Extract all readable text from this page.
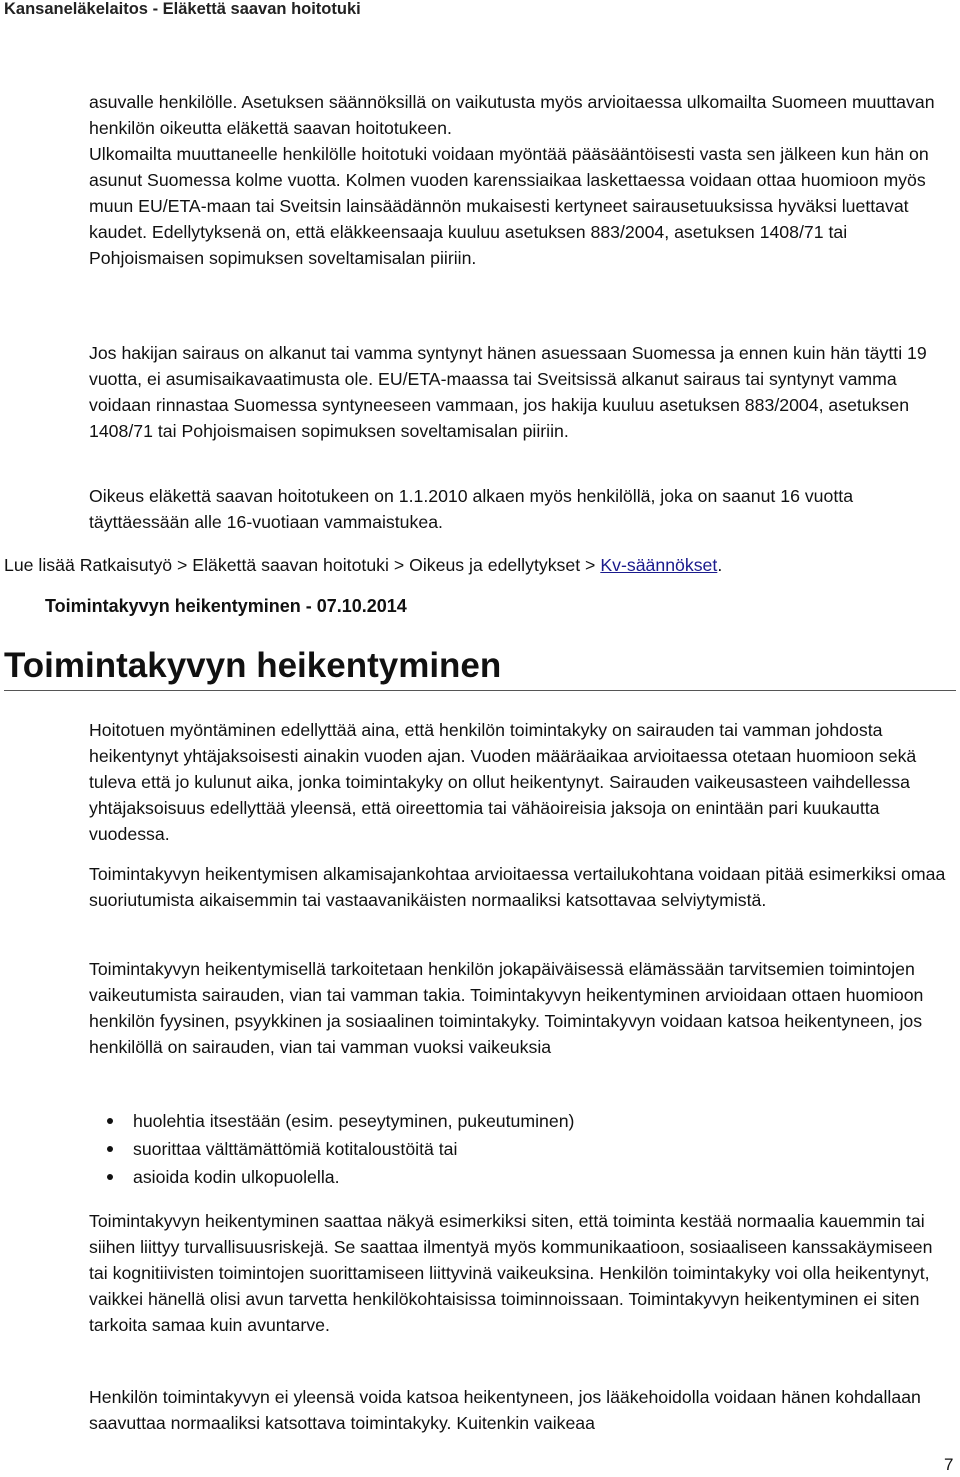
Kansaneläkelaitos - Eläkettä saavan hoitotuki

asuvalle henkilölle. Asetuksen säännöksillä on vaikutusta myös arvioitaessa ulkomailta Suomeen muuttavan henkilön oikeutta eläkettä saavan hoitotukeen.

Ulkomailta muuttaneelle henkilölle hoitotuki voidaan myöntää pääsääntöisesti vasta sen jälkeen kun hän on asunut Suomessa kolme vuotta. Kolmen vuoden karenssiaikaa laskettaessa voidaan ottaa huomioon myös muun EU/ETA-maan tai Sveitsin lainsäädännön mukaisesti kertyneet sairausetuuksissa hyväksi luettavat kaudet. Edellytyksenä on, että eläkkeensaaja kuuluu asetuksen 883/2004, asetuksen 1408/71 tai Pohjoismaisen sopimuksen soveltamisalan piiriin.

Jos hakijan sairaus on alkanut tai vamma syntynyt hänen asuessaan Suomessa ja ennen kuin hän täytti 19 vuotta, ei asumisaikavaatimusta ole. EU/ETA-maassa tai Sveitsissä alkanut sairaus tai syntynyt vamma voidaan rinnastaa Suomessa syntyneeseen vammaan, jos hakija kuuluu asetuksen 883/2004, asetuksen 1408/71 tai Pohjoismaisen sopimuksen soveltamisalan piiriin.

Oikeus eläkettä saavan hoitotukeen on 1.1.2010 alkaen myös henkilöllä, joka on saanut 16 vuotta täyttäessään alle 16-vuotiaan vammaistukea.

Lue lisää Ratkaisutyö > Eläkettä saavan hoitotuki > Oikeus ja edellytykset > Kv-säännökset.
Toimintakyvyn heikentyminen - 07.10.2014
Toimintakyvyn heikentyminen

Hoitotuen myöntäminen edellyttää aina, että henkilön toimintakyky on sairauden tai vamman johdosta heikentynyt yhtäjaksoisesti ainakin vuoden ajan. Vuoden määräaikaa arvioitaessa otetaan huomioon sekä tuleva että jo kulunut aika, jonka toimintakyky on ollut heikentynyt. Sairauden vaikeusasteen vaihdellessa yhtäjaksoisuus edellyttää yleensä, että oireettomia tai vähäoireisia jaksoja on enintään pari kuukautta vuodessa.

Toimintakyvyn heikentymisen alkamisajankohtaa arvioitaessa vertailukohtana voidaan pitää esimerkiksi omaa suoriutumista aikaisemmin tai vastaavanikäisten normaaliksi katsottavaa selviytymistä.

Toimintakyvyn heikentymisellä tarkoitetaan henkilön jokapäiväisessä elämässään tarvitsemien toimintojen vaikeutumista sairauden, vian tai vamman takia. Toimintakyvyn heikentyminen arvioidaan ottaen huomioon henkilön fyysinen, psyykkinen ja sosiaalinen toimintakyky. Toimintakyvyn voidaan katsoa heikentyneen, jos henkilöllä on sairauden, vian tai vamman vuoksi vaikeuksia

huolehtia itsestään (esim. peseytyminen, pukeutuminen)
suorittaa välttämättömiä kotitaloustöitä tai
asioida kodin ulkopuolella.

Toimintakyvyn heikentyminen saattaa näkyä esimerkiksi siten, että toiminta kestää normaalia kauemmin tai siihen liittyy turvallisuusriskejä. Se saattaa ilmentyä myös kommunikaatioon, sosiaaliseen kanssakäymiseen tai kognitiivisten toimintojen suorittamiseen liittyvinä vaikeuksina. Henkilön toimintakyky voi olla heikentynyt, vaikkei hänellä olisi avun tarvetta henkilökohtaisissa toiminnoissaan. Toimintakyvyn heikentyminen ei siten tarkoita samaa kuin avuntarve.

Henkilön toimintakyvyn ei yleensä voida katsoa heikentyneen, jos lääkehoidolla voidaan hänen kohdallaan saavuttaa normaaliksi katsottava toimintakyky. Kuitenkin vaikeaa

7
